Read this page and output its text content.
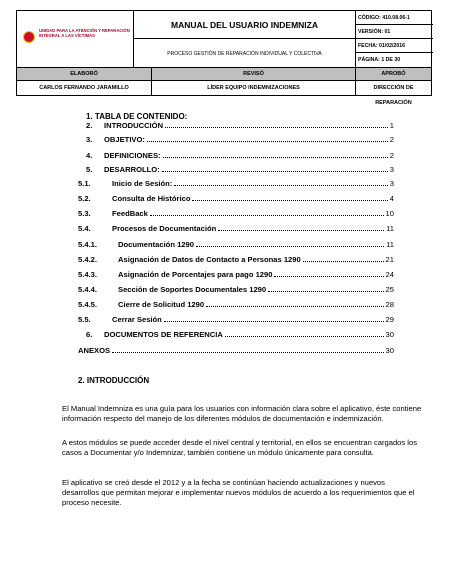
UNIDAD PARA LA ATENCIÓN Y REPARACIÓN INTEGRAL A LAS VÍCTIMAS
MANUAL DEL USUARIO INDEMNIZA
PROCESO GESTIÓN DE REPARACIÓN INDIVIDUAL Y COLECTIVA
CÓDIGO: 410.08.06-1
VERSIÓN: 01
FECHA: 01/02/2016
PÁGINA: 1 DE 30
ELABORÓ	REVISÓ	APROBÓ
CARLOS FERNANDO JARAMILLO	LÍDER EQUIPO INDEMNIZACIONES	DIRECCIÓN DE REPARACIÓN
1. TABLA DE CONTENIDO:
2.	INTRODUCCIÓN	1
3.	OBJETIVO:	2
4.	DEFINICIONES:	2
5.	DESARROLLO:	3
5.1.	Inicio de Sesión:	3
5.2.	Consulta de Histórico	4
5.3.	FeedBack	10
5.4.	Procesos de Documentación	11
5.4.1.	Documentación 1290	11
5.4.2.	Asignación de Datos de Contacto a Personas 1290	21
5.4.3.	Asignación de Porcentajes para pago 1290	24
5.4.4.	Sección de Soportes Documentales 1290	25
5.4.5.	Cierre de Solicitud 1290	28
5.5.	Cerrar Sesión	29
6.	DOCUMENTOS DE REFERENCIA	30
ANEXOS	30
2. INTRODUCCIÓN
El Manual Indemniza es una guía para los usuarios con información clara sobre el aplicativo, éste contiene información respecto del manejo de los diferentes módulos de documentación e indemnización.
A estos módulos se puede acceder desde el nivel central y territorial, en ellos se encuentran cargados los casos a Documentar y/o Indemnizar, también contiene un módulo únicamente para consulta.
El aplicativo se creó desde el 2012 y a la fecha se continúan haciendo actualizaciones y nuevos desarrollos que permitan mejorar e implementar nuevos módulos de acuerdo a los requerimientos que el proceso necesite.
